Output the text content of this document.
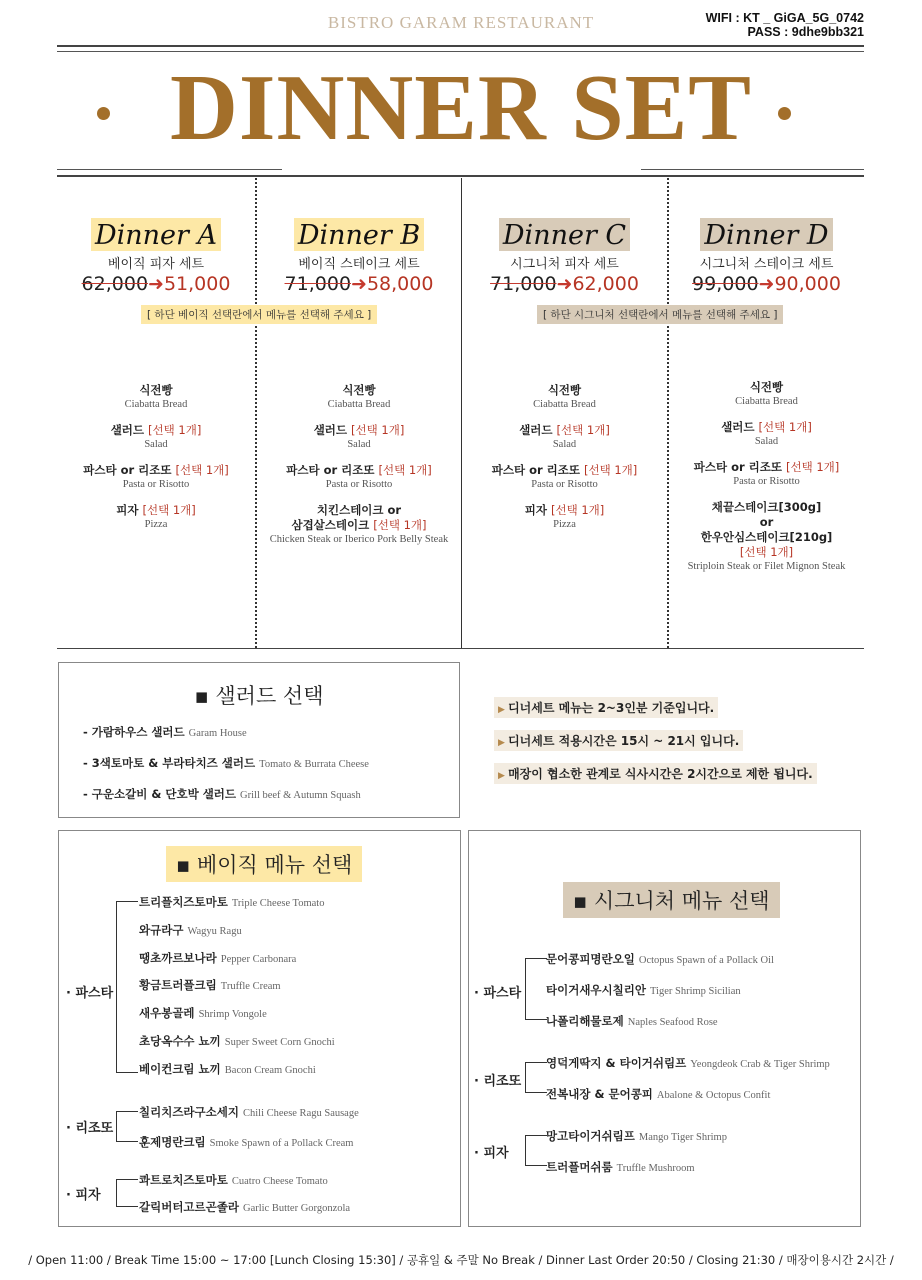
BISTRO GARAM RESTAURANT	WIFI : KT _ GiGA_5G_0742
PASS : 9dhe9bb321
DINNER SET
Dinner A
베이직 피자 세트
62,000➜51,000
Dinner B
베이직 스테이크 세트
71,000➜58,000
Dinner C
시그니처 피자 세트
71,000➜62,000
Dinner D
시그니처 스테이크 세트
99,000➜90,000
[ 하단 베이직 선택란에서 메뉴를 선택해 주세요 ]	[ 하단 시그니처 선택란에서 메뉴를 선택해 주세요 ]
식전빵
Ciabatta Bread
샐러드 [선택 1개]
Salad
파스타 or 리조또 [선택 1개]
Pasta or Risotto
피자 [선택 1개]
Pizza
식전빵
Ciabatta Bread
샐러드 [선택 1개]
Salad
파스타 or 리조또 [선택 1개]
Pasta or Risotto
치킨스테이크 or
삼겹살스테이크 [선택 1개]
Chicken Steak or Iberico Pork Belly Steak
식전빵
Ciabatta Bread
샐러드 [선택 1개]
Salad
파스타 or 리조또 [선택 1개]
Pasta or Risotto
피자 [선택 1개]
Pizza
식전빵
Ciabatta Bread
샐러드 [선택 1개]
Salad
파스타 or 리조또 [선택 1개]
Pasta or Risotto
채끝스테이크[300g]
or
한우안심스테이크[210g]
[선택 1개]
Striploin Steak or Filet Mignon Steak
▪ 샐러드 선택
- 가람하우스 샐러드 Garam House
- 3색토마토 & 부라타치즈 샐러드 Tomato & Burrata Cheese
- 구운소갈비 & 단호박 샐러드 Grill beef & Autumn Squash
▶ 디너세트 메뉴는 2~3인분 기준입니다.
▶ 디너세트 적용시간은 15시 ~ 21시 입니다.
▶ 매장이 협소한 관계로 식사시간은 2시간으로 제한 됩니다.
▪ 베이직 메뉴 선택
· 파스타
· 리조또
· 피자
트리플치즈토마토 Triple Cheese Tomato
와규라구 Wagyu Ragu
땡초까르보나라 Pepper Carbonara
황금트러플크림 Truffle Cream
새우봉골레 Shrimp Vongole
초당옥수수 뇨끼 Super Sweet Corn Gnochi
베이컨크림 뇨끼 Bacon Cream Gnochi
칠리치즈라구소세지 Chili Cheese Ragu Sausage
훈제명란크림 Smoke Spawn of a Pollack Cream
콰트로치즈토마토 Cuatro Cheese Tomato
갈릭버터고르곤졸라 Garlic Butter Gorgonzola
▪ 시그니처 메뉴 선택
· 파스타
· 리조또
· 피자
문어콩피명란오일 Octopus Spawn of a Pollack Oil
타이거새우시칠리안 Tiger Shrimp Sicilian
나폴리해물로제 Naples Seafood Rose
영덕게딱지 & 타이거쉬림프 Yeongdeok Crab & Tiger Shrimp
전복내장 & 문어콩피 Abalone & Octopus Confit
망고타이거쉬림프 Mango Tiger Shrimp
트러플머쉬룸 Truffle Mushroom
/ Open 11:00 / Break Time 15:00 ~ 17:00 [Lunch Closing 15:30] / 공휴일 & 주말 No Break / Dinner Last Order 20:50 / Closing 21:30 / 매장이용시간 2시간 /
